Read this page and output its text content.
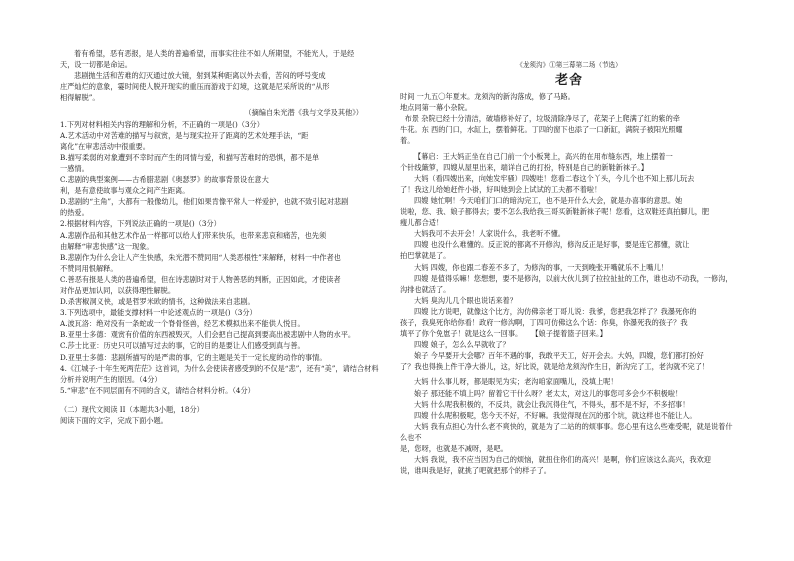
着有希望，恶有恶报，是人类的普遍希望，而事实往往不如人所期望，不能光人，于是经

天，设一切都是命运。

悲剧抛生活和苦难的幻灭通过放大镜，射到某种距离以外去看，苦闷的呼号变成

庄严灿烂的意象，霎时间使人脱开现实的重压而游戏于幻境，这就是尼采所说的“从形

相得解脱”。

（摘编自朱光潜《我与文学及其他》）

1.下列对材料相关内容的理解和分析，不正确的一项是()（3分）

A.艺术活动中对苦难的描写与叙赏，是与现实拉开了距离的艺术处理手法，“距

离化”在审悲活动中很重要。

B.描写柔弱的对象遭到不幸时而产生的同情与爱，和描写苦难时的恐惧，都不是单

一感情。

C.悲剧的典型案例——古希腊悲剧《奥瑟罗》的故事背景设在意大

利，是有意使故事与观众之间产生距离。

D.悲剧的“主角”，大都有一般像幼儿，他们如果肯像平常人一样爱护，也就不致引起对悲剧

的热爱。

2.根据材料内容，下列说法正确的一项是()（3分）

A.悲剧作品和其他艺术作品一样都可以给人们带来快乐，也带来悲哀和痛苦，也先须

由解释“审悲快感”这一现象。

B.悲剧作为什么会让人产生快感，朱光潜不赞同用“人类恶根性”来解释，材料一中作者也

不赞同用恨解释。

C.善恶有报是人类的普遍希望，但在诗悲剧时对于人物善恶的判断，正因如此，才使读者

对作品更加认同，以获得理性解脱。

D.杀害椒洞义侠，或是哲罗米欧的情书，这种做法来自悲剧。

3.下列选项中，最能支撑材料一中论述观点的一项是()（3分）

A.波瓦洛：绝对没有一条蛇或一个脊骨怪兽，经艺术模拟出来不能供人悦目。

B.亚里士多德：观赏有价值的东西被毁灭，人们会把自己提高到要高出被悲剧中人物的水平。

C.莎士比亚：历史只可以描写过去的事，它的目的是要让人们感受到真与善。

D.亚里士多德：悲剧所描写的是严肃的事，它的主题是关于一定长度的动作的事情。

4.《江城子·十年生死两茫茫》这首词，为什么会使读者感受到的不仅是“悲”，还有“美”，请结合材料分析并说明产生的原因。（4分）

5.“审悲”在不同层面有不同的含义，请结合材料分析。（4分）

（二）现代文阅读 II（本题共3小题，18分）

阅读下面的文字，完成下面小题。

《龙须沟》①第三幕第二场（节选）

老舍

时间 一九五〇年夏末。龙须沟的新沟落成，修了马路。

地点同第一幕小杂院。

布景 杂院已经十分清洁，破墙修补好了，垃圾清除净尽了，花架子上爬满了红的紫的牵

牛花。东 西的门口，水缸上，摆着鲜花。丁四的窗下也添了一口新缸，满院子被阳光照耀

着。

【幕启：王大妈正坐在自己门前一个小板凳上，高兴的在用布缝东西，地上摆着一

个针线簸箩，四嫂从屋里出来，端详自己的打扮，特别是自己的新鞋新袜子。】

大妈（看四嫂出来，向她发牢骚）四嫂哇！您看二春这个丫头，今儿个也不知上那儿玩去

了！我这儿给她赶件小褂，好叫她到会上试试的工夫都不着啦！

四嫂 她忙啊！今天咱们门口的暗沟完工，也不是开什么大会，就是办喜事的意思。她

说啦，您、我、娘子都得去；要不怎么我给我三哥买新鞋新袜子呢！您看，这双鞋还真拍脚儿，肥

瘦儿都合适！

大妈我可不去开会！人家说什么，我老听不懂。

四嫂 也没什么难懂的。反正说的都离不开修沟，修沟反正是好事，要是连它都懂，就让

拍巴掌就是了。

大妈 四嫂，你也跟二春差不多了，为修沟的事，一天到晚张开嘴就乐不上嘴儿！

四嫂 是值得乐嘛！您想想，要不是修沟，以前大伙儿到了拉拉扯扯的工作，谁也动不动我，一修沟，

沟排也就活了。

大妈 臭沟儿几个眼也说话来着？

四嫂 比方说吧，就像这个比方，沟仿佛亲老丁哥儿说：我爹，您把我怎样了？我瀑死你的

孩子，我臭死你给你看！政府一修沟啊，丁四可仿佛这么个话：你臭，你瀑死我的孩子？我

填平了你个免崽子！就是这么一回事。    【娘子提着篮子回来。】

四嫂 娘子，怎么么早就收了？

娘子 今早要开大会哪？百年不遇的事，我敢平天工，好开会去。大妈，四嫂，您们都打扮好

了？我也得换上件干净大褂儿，这，好比说，就是给龙须沟作生日，新沟完了工，老沟就不完了！

大妈 什么事儿呀，都是眼见为实；老沟咱家面嘴儿，没填上呢！

娘子 那还能不填上吗？留着它干什么呀？老太太，对这儿的事您可多会少不积极啦！

大妈 什么呢我积极的，不反共，就会让我沉得住气，不得头，那不是不好，不多招事！

四嫂 什么呢积极呢，您今天不好，不好嘛。我觉得现在沉的那个坑，就这样也不能让人。

大妈 我有点担心为什么老不爽快的，就是为了二站的的烦事事。您心里有这么些难受呢，就是说着什么也不

是，您呀，也就是不减呀，是吧。

大妈 我说，我不应当因为自己的烦恼，就扭住你们的高兴！是啊，你们应该这么高兴，我欢迎

说，谁叫我是好，就挑了吧就把那个的样子了。
